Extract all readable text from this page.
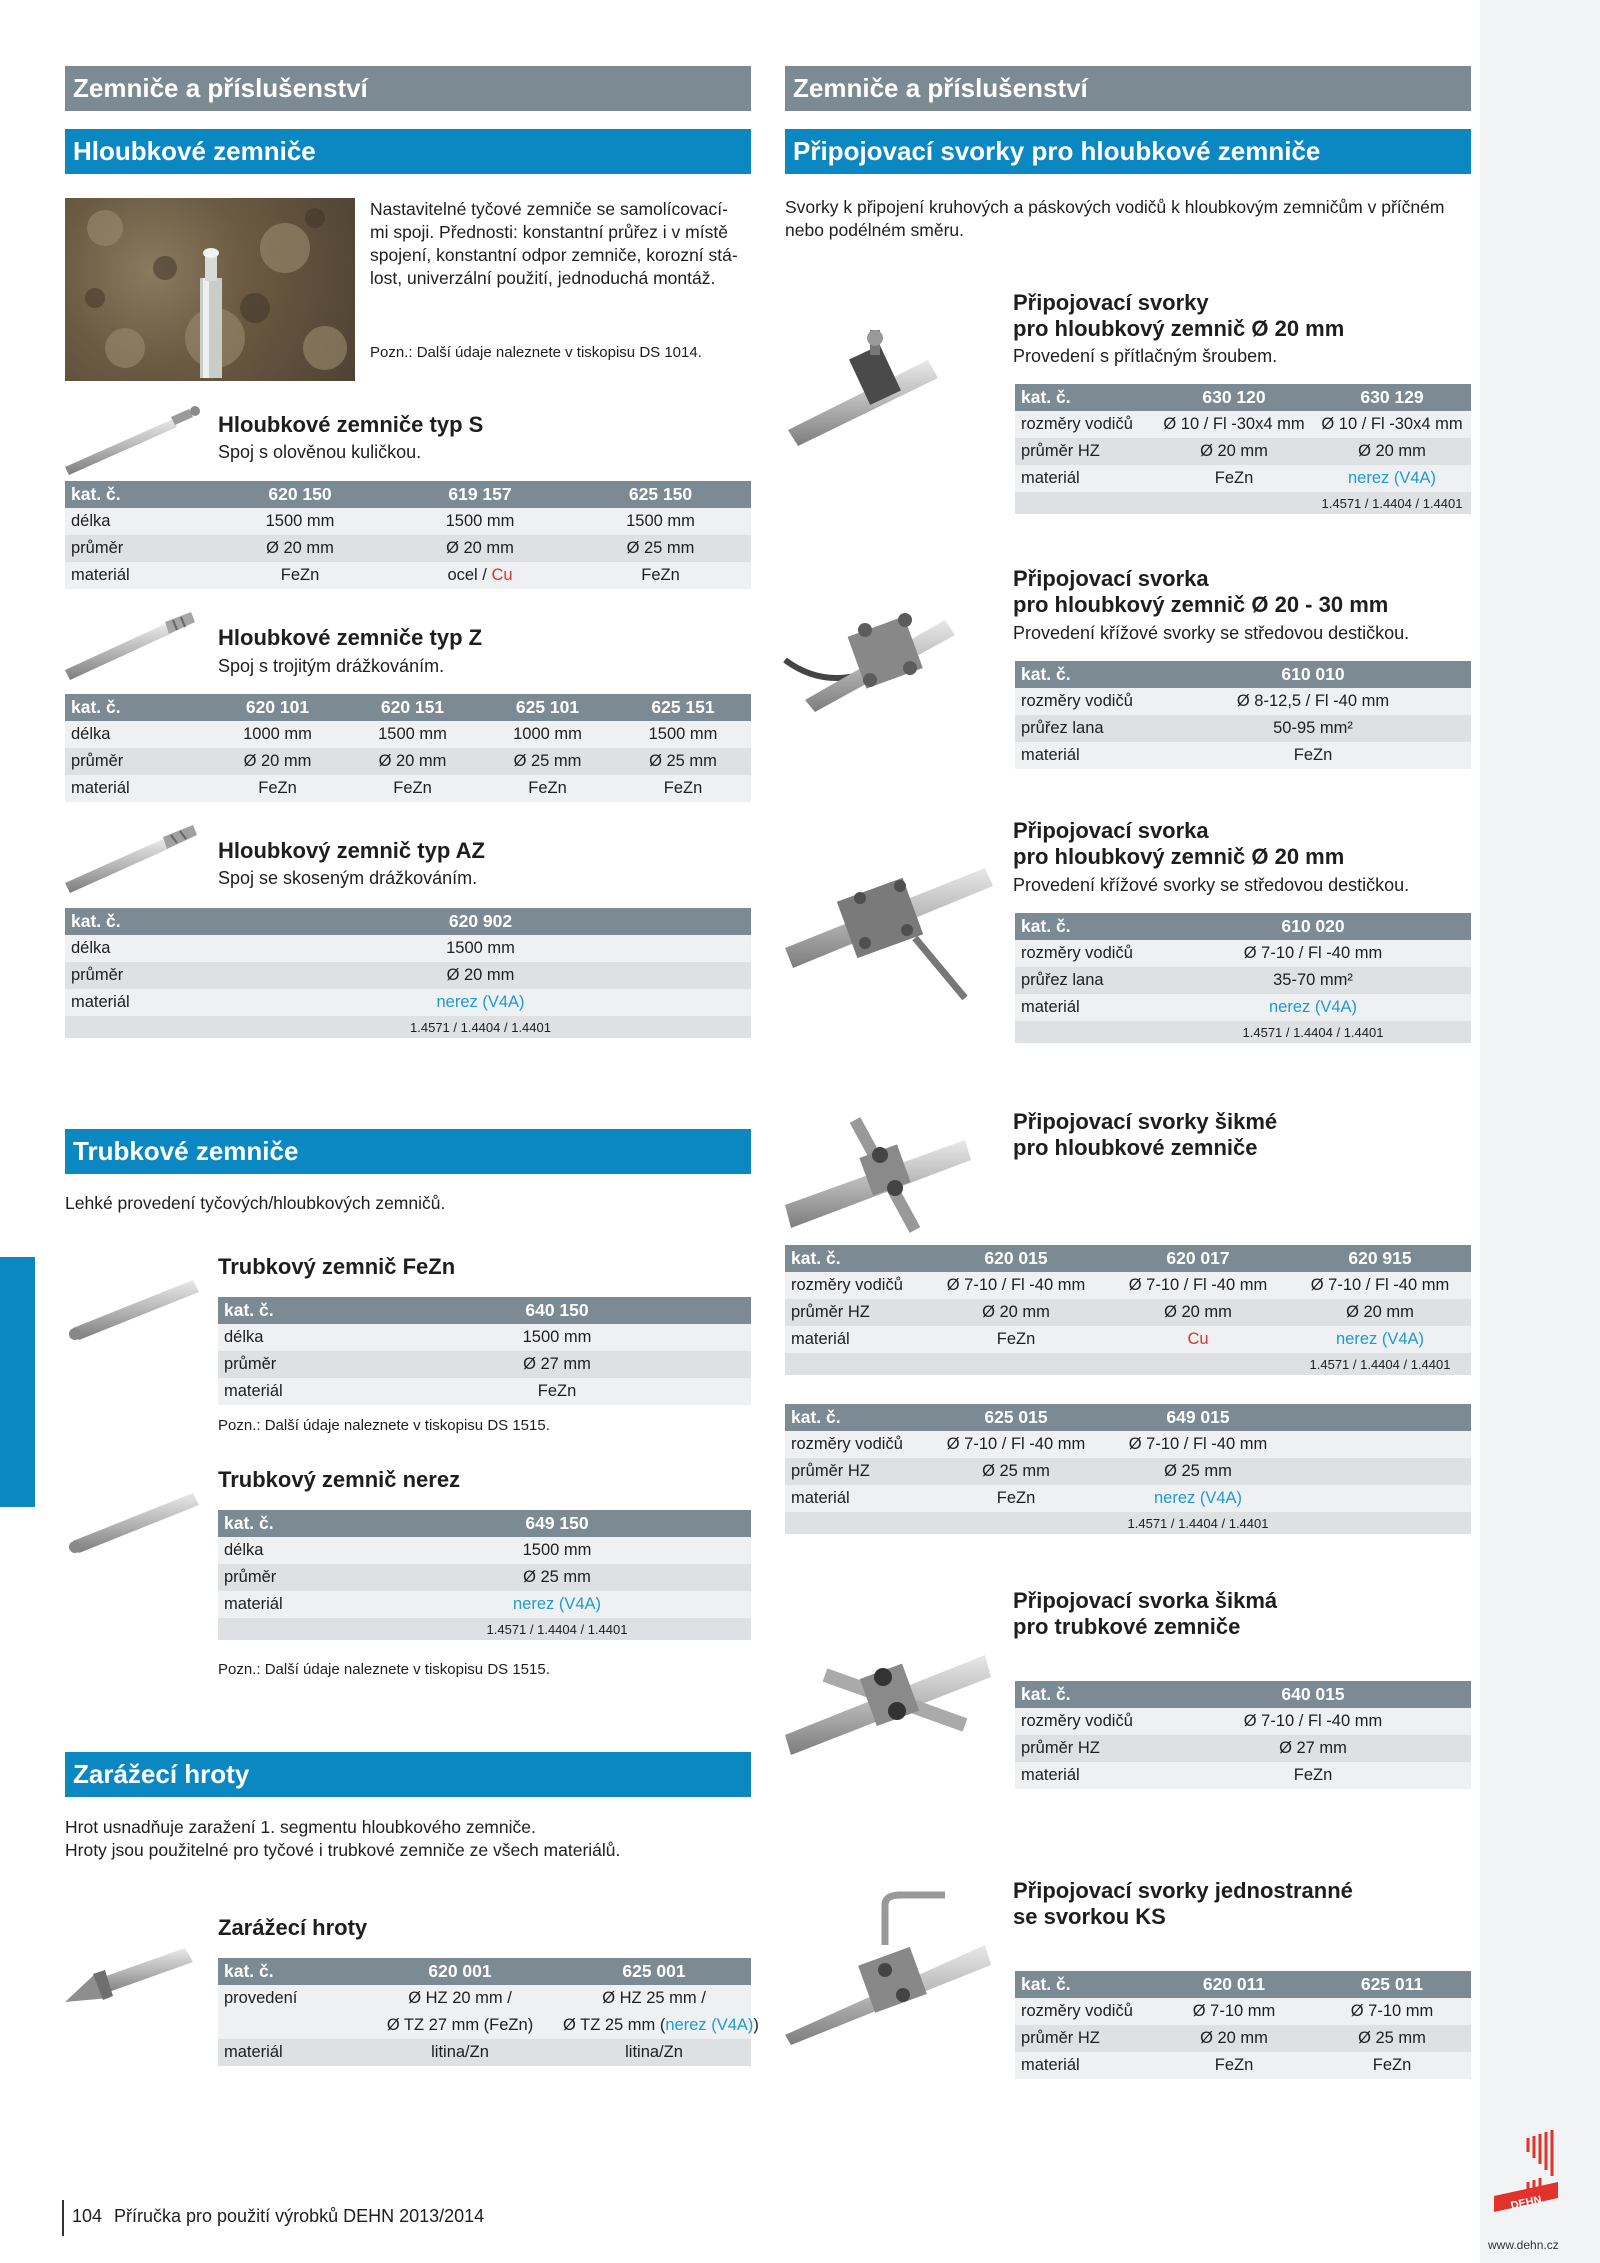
Zemniče a příslušenství
Hloubkové zemniče
Nastavitelné tyčové zemniče se samolícovací-
mi spoji. Přednosti: konstantní průřez i v místě
spojení, konstantní odpor zemniče, korozní stá-
lost, univerzální použití, jednoduchá montáž.
Pozn.: Další údaje naleznete v tiskopisu DS 1014.
Hloubkové zemniče typ S
Spoj s olověnou kuličkou.
kat. č.	620 150	619 157	625 150
délka	1500 mm	1500 mm	1500 mm
průměr	Ø 20 mm	Ø 20 mm	Ø 25 mm
materiál	FeZn	ocel / Cu	FeZn
Hloubkové zemniče typ Z
Spoj s trojitým drážkováním.
kat. č.	620 101	620 151	625 101	625 151
délka	1000 mm	1500 mm	1000 mm	1500 mm
průměr	Ø 20 mm	Ø 20 mm	Ø 25 mm	Ø 25 mm
materiál	FeZn	FeZn	FeZn	FeZn
Hloubkový zemnič typ AZ
Spoj se skoseným drážkováním.
kat. č.	620 902
délka	1500 mm
průměr	Ø 20 mm
materiál	nerez (V4A)
	1.4571 / 1.4404 / 1.4401
Trubkové zemniče
Lehké provedení tyčových/hloubkových zemničů.
Trubkový zemnič FeZn
kat. č.	640 150
délka	1500 mm
průměr	Ø 27 mm
materiál	FeZn
Pozn.: Další údaje naleznete v tiskopisu DS 1515.
Trubkový zemnič nerez
kat. č.	649 150
délka	1500 mm
průměr	Ø 25 mm
materiál	nerez (V4A)
	1.4571 / 1.4404 / 1.4401
Pozn.: Další údaje naleznete v tiskopisu DS 1515.
Zarážecí hroty
Hrot usnadňuje zaražení 1. segmentu hloubkového zemniče.
Hroty jsou použitelné pro tyčové i trubkové zemniče ze všech materiálů.
Zarážecí hroty
kat. č.	620 001	625 001
provedení	Ø HZ 20 mm /	Ø HZ 25 mm /
	Ø TZ 27 mm (FeZn)	Ø TZ 25 mm (nerez (V4A))
materiál	litina/Zn	litina/Zn
Zemniče a příslušenství
Připojovací svorky pro hloubkové zemniče
Svorky k připojení kruhových a páskových vodičů k hloubkovým zemničům v příčném
nebo podélném směru.
Připojovací svorky
pro hloubkový zemnič Ø 20 mm
Provedení s přítlačným šroubem.
kat. č.	630 120	630 129
rozměry vodičů	Ø 10 / Fl -30x4 mm	Ø 10 / Fl -30x4 mm
průměr HZ	Ø 20 mm	Ø 20 mm
materiál	FeZn	nerez (V4A)
		1.4571 / 1.4404 / 1.4401
Připojovací svorka
pro hloubkový zemnič Ø 20 - 30 mm
Provedení křížové svorky se středovou destičkou.
kat. č.	610 010
rozměry vodičů	Ø 8-12,5 / Fl -40 mm
průřez lana	50-95 mm²
materiál	FeZn
Připojovací svorka
pro hloubkový zemnič Ø 20 mm
Provedení křížové svorky se středovou destičkou.
kat. č.	610 020
rozměry vodičů	Ø 7-10 / Fl -40 mm
průřez lana	35-70 mm²
materiál	nerez (V4A)
	1.4571 / 1.4404 / 1.4401
Připojovací svorky šikmé
pro hloubkové zemniče
kat. č.	620 015	620 017	620 915
rozměry vodičů	Ø 7-10 / Fl -40 mm	Ø 7-10 / Fl -40 mm	Ø 7-10 / Fl -40 mm
průměr HZ	Ø 20 mm	Ø 20 mm	Ø 20 mm
materiál	FeZn	Cu	nerez (V4A)
			1.4571 / 1.4404 / 1.4401
kat. č.	625 015	649 015	
rozměry vodičů	Ø 7-10 / Fl -40 mm	Ø 7-10 / Fl -40 mm	
průměr HZ	Ø 25 mm	Ø 25 mm	
materiál	FeZn	nerez (V4A)	
		1.4571 / 1.4404 / 1.4401	
Připojovací svorka šikmá
pro trubkové zemniče
kat. č.	640 015
rozměry vodičů	Ø 7-10 / Fl -40 mm
průměr HZ	Ø 27 mm
materiál	FeZn
Připojovací svorky jednostranné
se svorkou KS
kat. č.	620 011	625 011
rozměry vodičů	Ø 7-10 mm	Ø 7-10 mm
průměr HZ	Ø 20 mm	Ø 25 mm
materiál	FeZn	FeZn
104 Příručka pro použití výrobků DEHN 2013/2014
DEHN
www.dehn.cz
